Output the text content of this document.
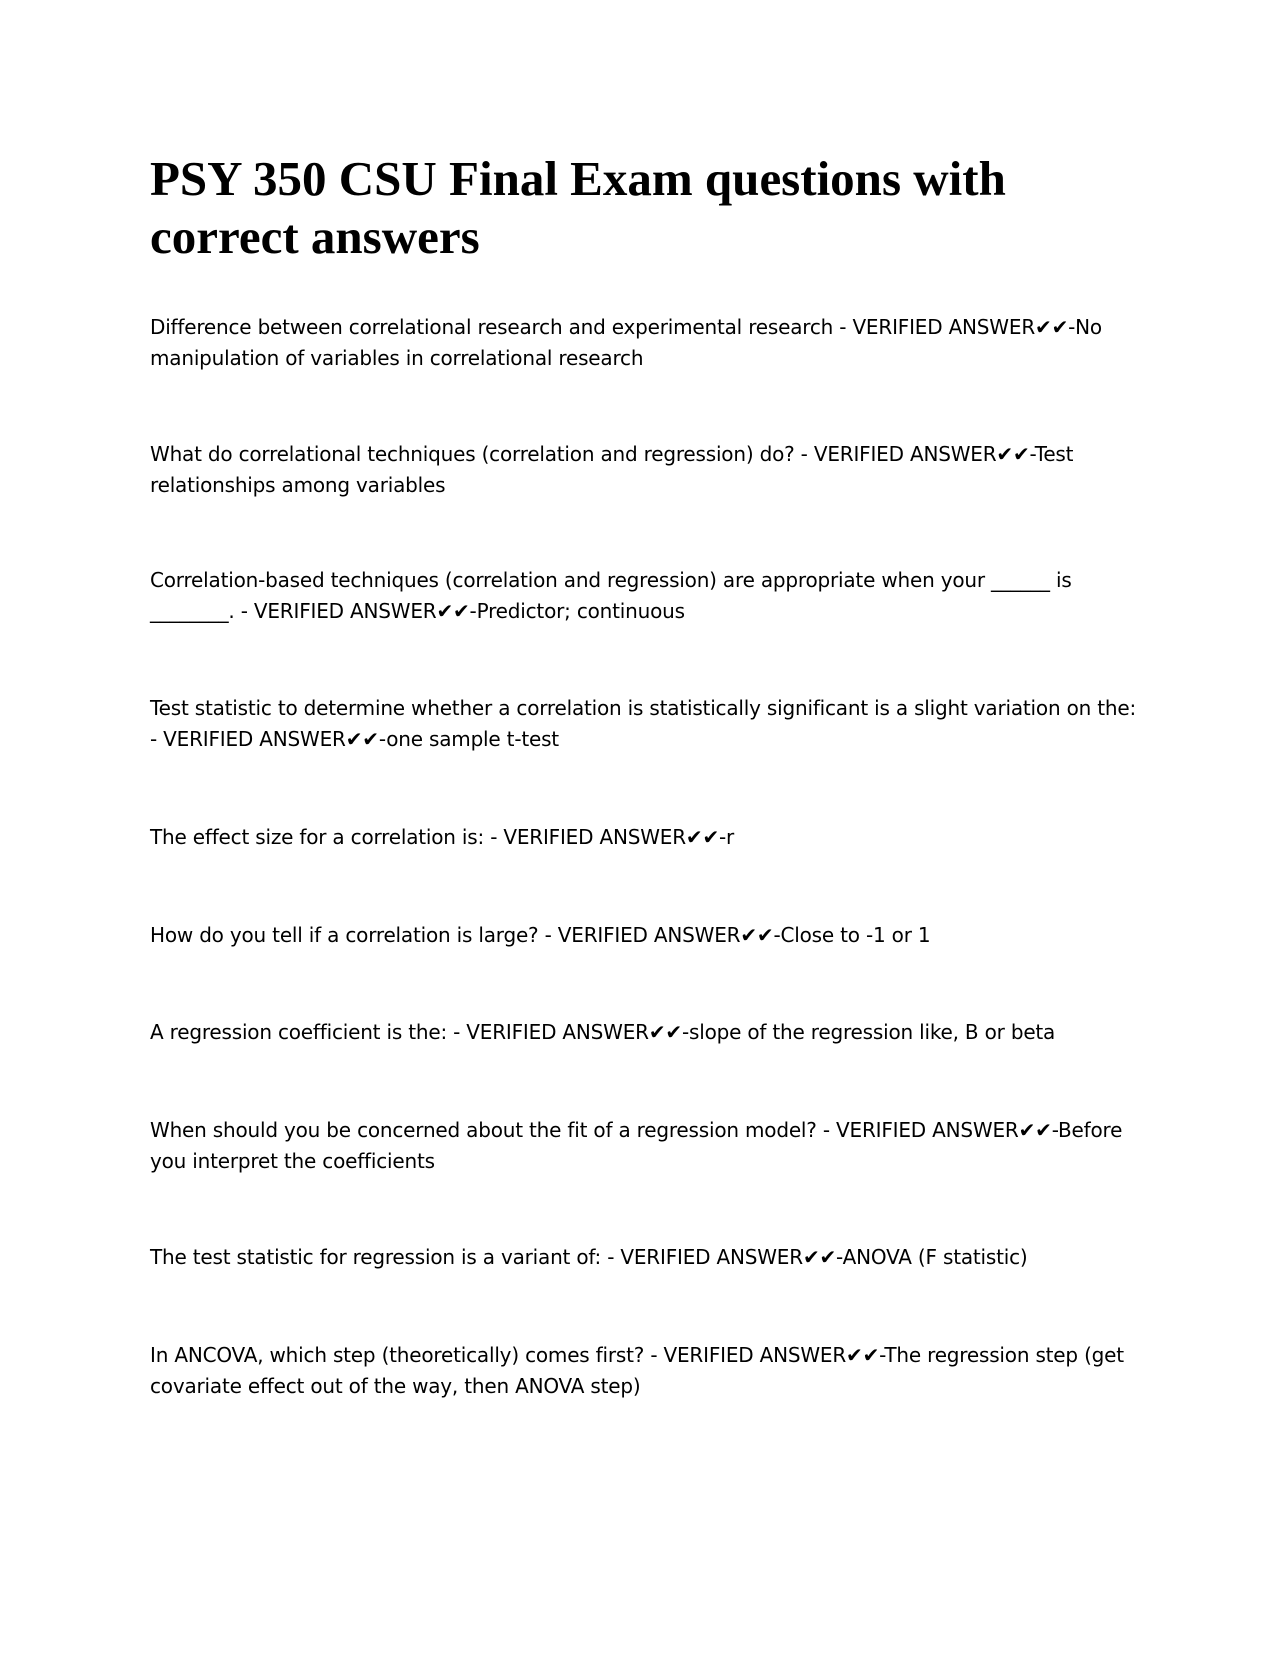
PSY 350 CSU Final Exam questions with correct answers

Difference between correlational research and experimental research - VERIFIED ANSWER✔✔-No manipulation of variables in correlational research

What do correlational techniques (correlation and regression) do? - VERIFIED ANSWER✔✔-Test relationships among variables

Correlation-based techniques (correlation and regression) are appropriate when your ______ is ________. - VERIFIED ANSWER✔✔-Predictor; continuous

Test statistic to determine whether a correlation is statistically significant is a slight variation on the: - VERIFIED ANSWER✔✔-one sample t-test

The effect size for a correlation is: - VERIFIED ANSWER✔✔-r

How do you tell if a correlation is large? - VERIFIED ANSWER✔✔-Close to -1 or 1

A regression coefficient is the: - VERIFIED ANSWER✔✔-slope of the regression like, B or beta

When should you be concerned about the fit of a regression model? - VERIFIED ANSWER✔✔-Before you interpret the coefficients

The test statistic for regression is a variant of: - VERIFIED ANSWER✔✔-ANOVA (F statistic)

In ANCOVA, which step (theoretically) comes first? - VERIFIED ANSWER✔✔-The regression step (get covariate effect out of the way, then ANOVA step)
